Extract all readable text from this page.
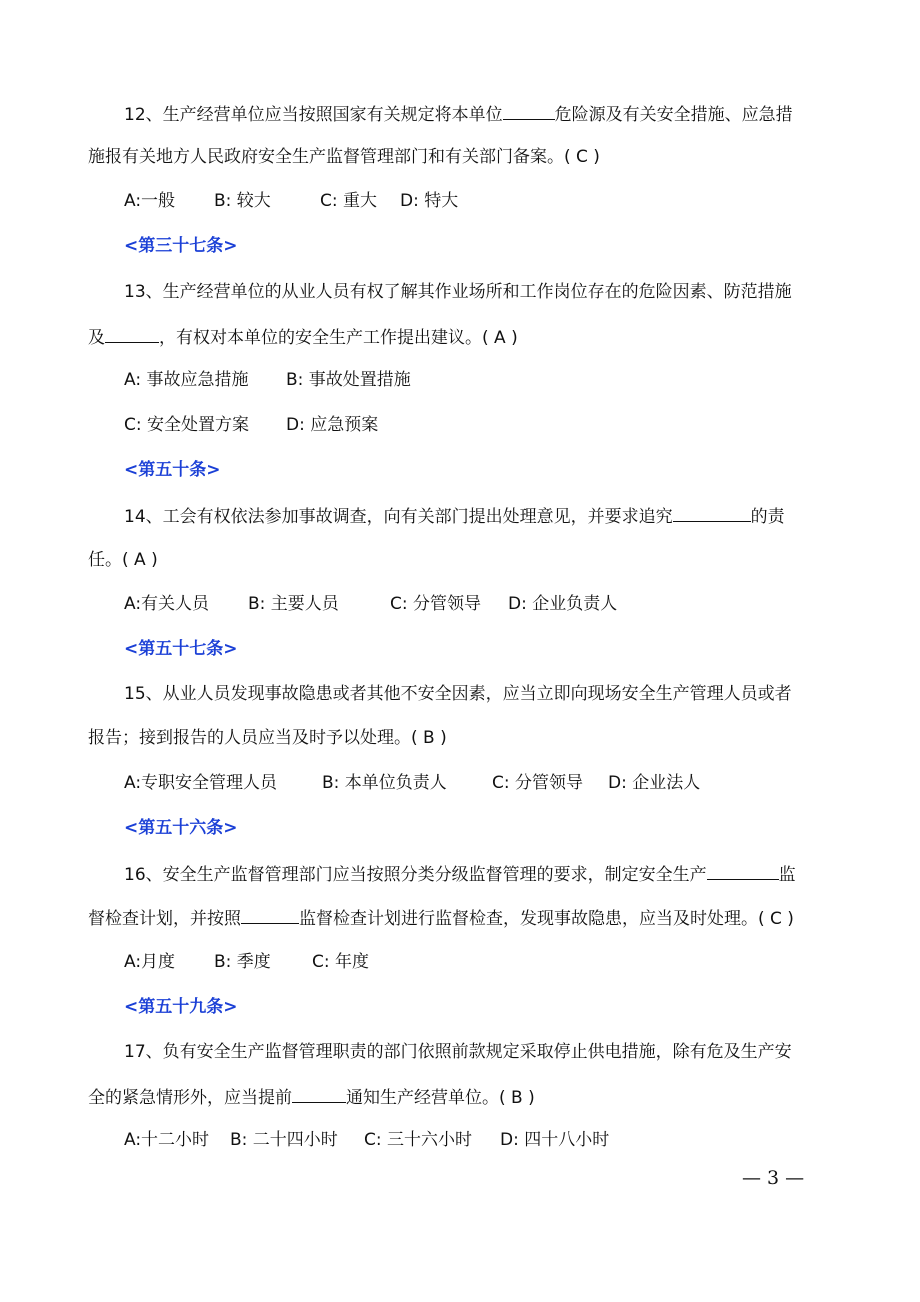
12、生产经营单位应当按照国家有关规定将本单位	危险源及有关安全措施、应急措
施报有关地方人民政府安全生产监督管理部门和有关部门备案。( C )
A:一般 B: 较大	C: 重大 D: 特大
<第三十七条>
13、生产经营单位的从业人员有权了解其作业场所和工作岗位存在的危险因素、防范措施
及	，有权对本单位的安全生产工作提出建议。( A )
A: 事故应急措施 B: 事故处置措施
C: 安全处置方案 D: 应急预案
<第五十条>
14、工会有权依法参加事故调查，向有关部门提出处理意见，并要求追究	的责
任。( A )
A:有关人员 B: 主要人员	C: 分管领导 D: 企业负责人
<第五十七条>
15、从业人员发现事故隐患或者其他不安全因素，应当立即向现场安全生产管理人员或者
报告；接到报告的人员应当及时予以处理。( B )
A:专职安全管理人员	B: 本单位负责人	C: 分管领导 D: 企业法人
<第五十六条>
16、安全生产监督管理部门应当按照分类分级监督管理的要求，制定安全生产	监
督检查计划，并按照	监督检查计划进行监督检查，发现事故隐患，应当及时处理。( C )
A:月度 B: 季度 C: 年度
<第五十九条>
17、负有安全生产监督管理职责的部门依照前款规定采取停止供电措施，除有危及生产安
全的紧急情形外，应当提前	通知生产经营单位。( B )
A:十二小时 B: 二十四小时 C: 三十六小时 D: 四十八小时
— 3 —
